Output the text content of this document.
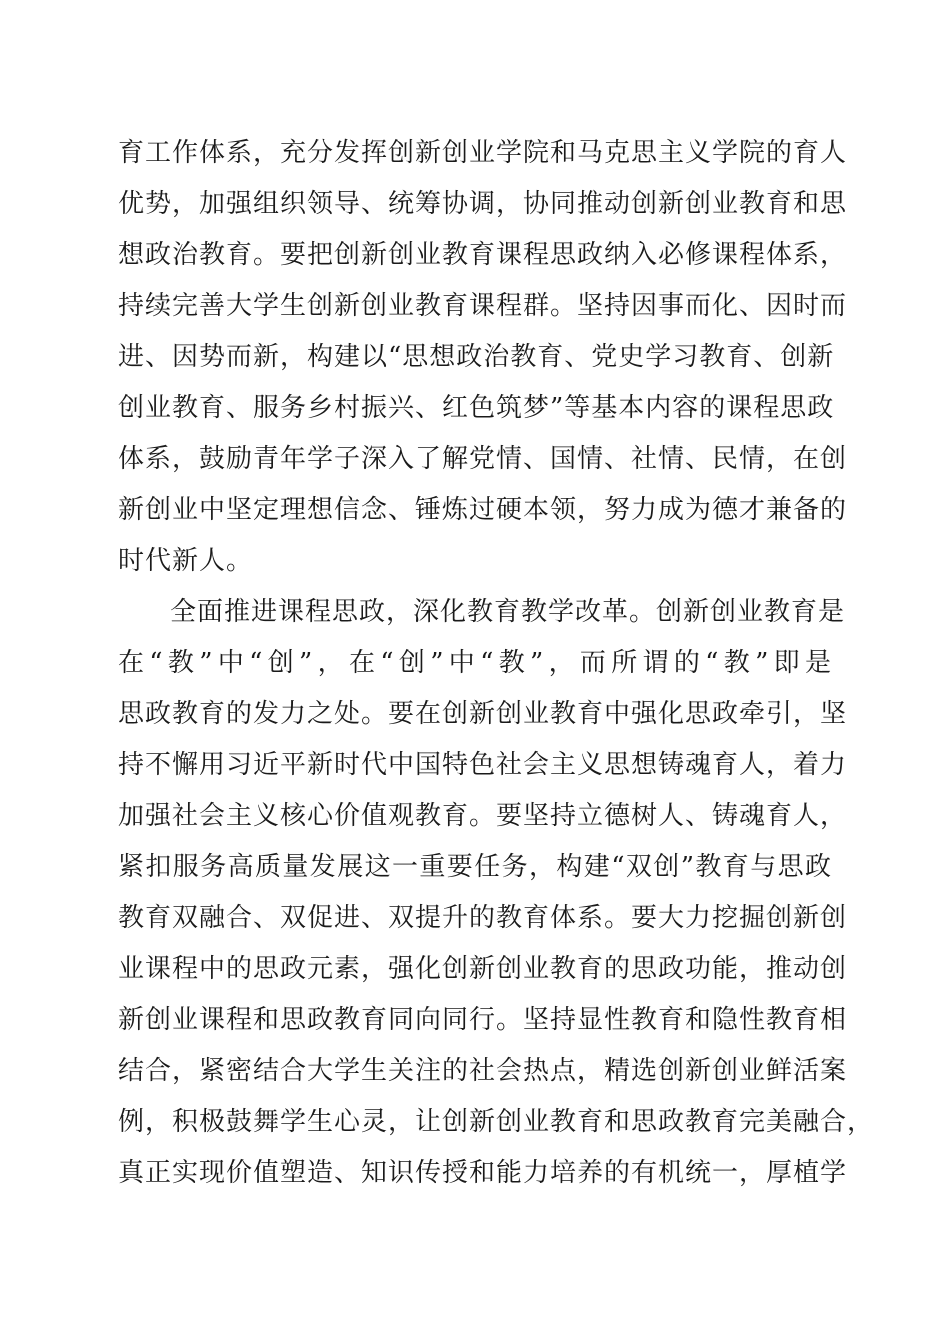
育工作体系，充分发挥创新创业学院和马克思主义学院的育人
优势，加强组织领导、统筹协调，协同推动创新创业教育和思
想政治教育。要把创新创业教育课程思政纳入必修课程体系，
持续完善大学生创新创业教育课程群。坚持因事而化、因时而
进、因势而新，构建以“思想政治教育、党史学习教育、创新
创业教育、服务乡村振兴、红色筑梦”等基本内容的课程思政
体系，鼓励青年学子深入了解党情、国情、社情、民情，在创
新创业中坚定理想信念、锤炼过硬本领，努力成为德才兼备的
时代新人。
全面推进课程思政，深化教育教学改革。创新创业教育是
在“教”中“创”，在“创”中“教”，而所谓的“教”即是
思政教育的发力之处。要在创新创业教育中强化思政牵引，坚
持不懈用习近平新时代中国特色社会主义思想铸魂育人，着力
加强社会主义核心价值观教育。要坚持立德树人、铸魂育人，
紧扣服务高质量发展这一重要任务，构建“双创”教育与思政
教育双融合、双促进、双提升的教育体系。要大力挖掘创新创
业课程中的思政元素，强化创新创业教育的思政功能，推动创
新创业课程和思政教育同向同行。坚持显性教育和隐性教育相
结合，紧密结合大学生关注的社会热点，精选创新创业鲜活案
例，积极鼓舞学生心灵，让创新创业教育和思政教育完美融合，
真正实现价值塑造、知识传授和能力培养的有机统一，厚植学
